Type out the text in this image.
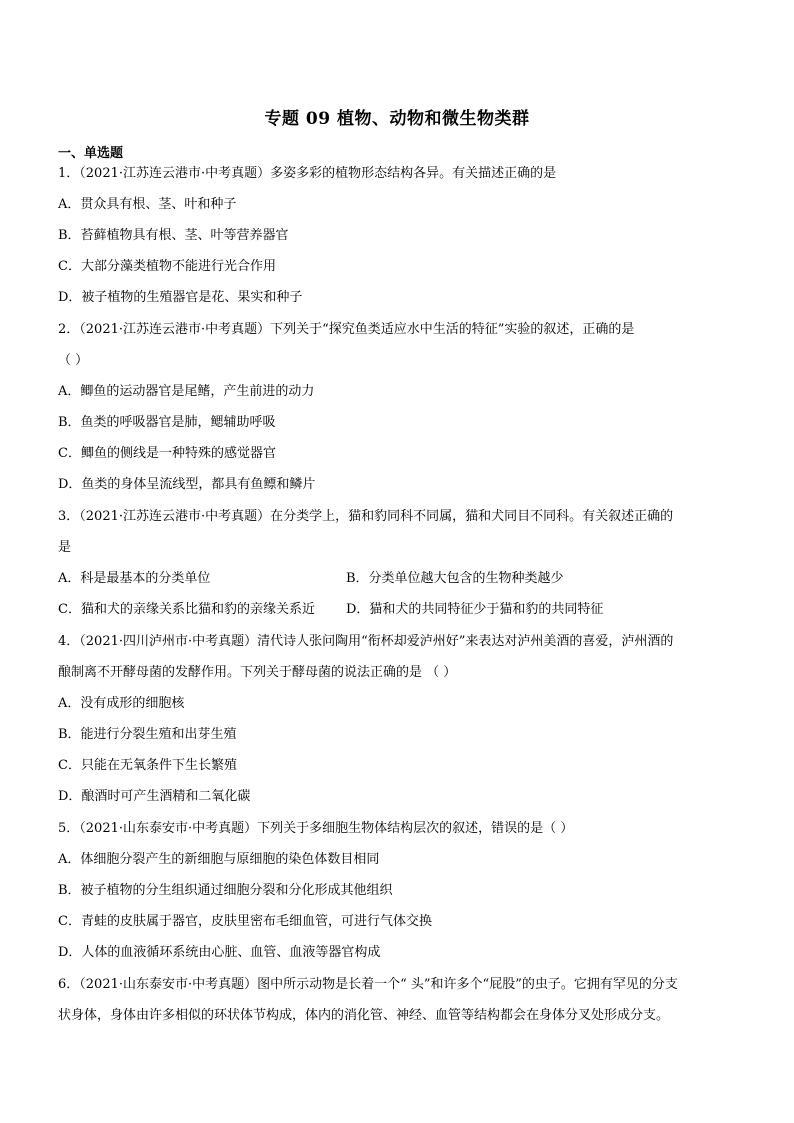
专题 09 植物、动物和微生物类群
一、单选题
1．（2021·江苏连云港市·中考真题）多姿多彩的植物形态结构各异。有关描述正确的是
A．贯众具有根、茎、叶和种子
B．苔藓植物具有根、茎、叶等营养器官
C．大部分藻类植物不能进行光合作用
D．被子植物的生殖器官是花、果实和种子
2．（2021·江苏连云港市·中考真题）下列关于“探究鱼类适应水中生活的特征”实验的叙述，正确的是
（ ）
A．鲫鱼的运动器官是尾鳍，产生前进的动力
B．鱼类的呼吸器官是肺，鳃辅助呼吸
C．鲫鱼的侧线是一种特殊的感觉器官
D．鱼类的身体呈流线型，都具有鱼鳔和鳞片
3．（2021·江苏连云港市·中考真题）在分类学上，猫和豹同科不同属，猫和犬同目不同科。有关叙述正确的
是
A．科是最基本的分类单位	B．分类单位越大包含的生物种类越少
C．猫和犬的亲缘关系比猫和豹的亲缘关系近 D．猫和犬的共同特征少于猫和豹的共同特征
4．（2021·四川泸州市·中考真题）清代诗人张问陶用“衔杯却爱泸州好”来表达对泸州美酒的喜爱，泸州酒的
酿制离不开酵母菌的发酵作用。下列关于酵母菌的说法正确的是 （ ）
A．没有成形的细胞核
B．能进行分裂生殖和出芽生殖
C．只能在无氧条件下生长繁殖
D．酿酒时可产生酒精和二氧化碳
5．（2021·山东泰安市·中考真题）下列关于多细胞生物体结构层次的叙述，错误的是（ ）
A．体细胞分裂产生的新细胞与原细胞的染色体数目相同
B．被子植物的分生组织通过细胞分裂和分化形成其他组织
C．青蛙的皮肤属于器官，皮肤里密布毛细血管，可进行气体交换
D．人体的血液循环系统由心脏、血管、血液等器官构成
6．（2021·山东泰安市·中考真题）图中所示动物是长着一个“ 头”和许多个“屁股”的虫子。它拥有罕见的分支
状身体，身体由许多相似的环状体节构成，体内的消化管、神经、血管等结构都会在身体分叉处形成分支。
